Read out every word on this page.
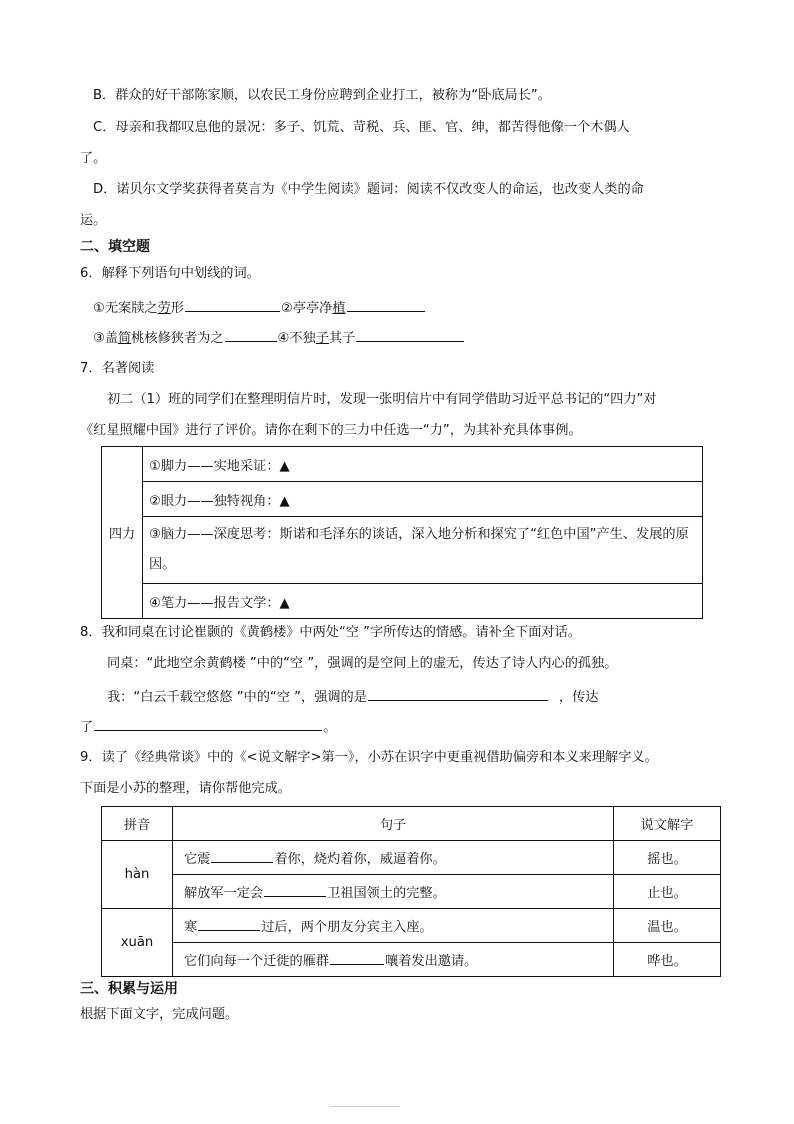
B．群众的好干部陈家顺，以农民工身份应聘到企业打工，被称为“卧底局长”。
C．母亲和我都叹息他的景况：多子、饥荒、苛税、兵、匪、官、绅，都苦得他像一个木偶人
了。
D．诺贝尔文学奖获得者莫言为《中学生阅读》题词：阅读不仅改变人的命运，也改变人类的命
运。
二、填空题
6．解释下列语句中划线的词。
①无案牍之劳形	②亭亭净植
③盖简桃核修狭者为之	④不独子其子
7．名著阅读
初二（1）班的同学们在整理明信片时，发现一张明信片中有同学借助习近平总书记的“四力”对
《红星照耀中国》进行了评价。请你在剩下的三力中任选一“力”，为其补充具体事例。
四力	①脚力——实地采证：▲
②眼力——独特视角：▲
③脑力——深度思考：斯诺和毛泽东的谈话，深入地分析和探究了“红色中国”产生、发展的原因。
④笔力——报告文学：▲
8．我和同桌在讨论崔颢的《黄鹤楼》中两处“空 ”字所传达的情感。请补全下面对话。
同桌：“此地空余黄鹤楼 ”中的“空 ”，强调的是空间上的虚无，传达了诗人内心的孤独。
我：“白云千载空悠悠 ”中的“空 ”，强调的是	，传达
了	。
9．读了《经典常谈》中的《<说文解字>第一》，小苏在识字中更重视借助偏旁和本义来理解字义。
下面是小苏的整理，请你帮他完成。
拼音	句子	说文解字
hàn	它震 着你，烧灼着你，威逼着你。	摇也。
	解放军一定会 卫祖国领土的完整。	止也。
xuān	寒 过后，两个朋友分宾主入座。	温也。
	它们向每一个迁徙的雁群 嚷着发出邀请。	哗也。
三、积累与运用
根据下面文字，完成问题。
